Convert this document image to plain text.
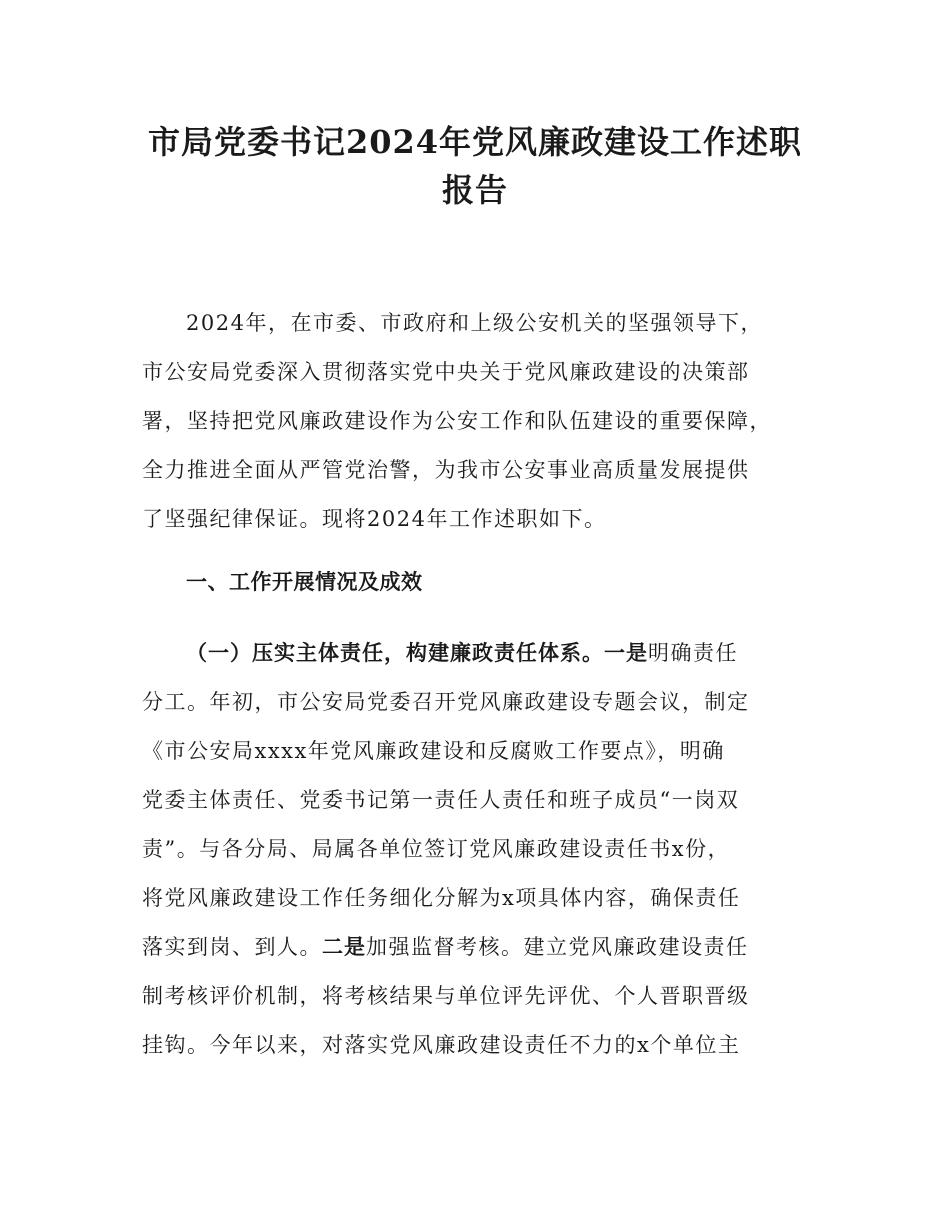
市局党委书记2024年党风廉政建设工作述职
报告
2024年，在市委、市政府和上级公安机关的坚强领导下，
市公安局党委深入贯彻落实党中央关于党风廉政建设的决策部
署，坚持把党风廉政建设作为公安工作和队伍建设的重要保障，
全力推进全面从严管党治警，为我市公安事业高质量发展提供
了坚强纪律保证。现将2024年工作述职如下。
一、工作开展情况及成效
（一）压实主体责任，构建廉政责任体系。一是明确责任
分工。年初，市公安局党委召开党风廉政建设专题会议，制定
《市公安局xxxx年党风廉政建设和反腐败工作要点》，明确
党委主体责任、党委书记第一责任人责任和班子成员“一岗双
责”。与各分局、局属各单位签订党风廉政建设责任书x份，
将党风廉政建设工作任务细化分解为x项具体内容，确保责任
落实到岗、到人。二是加强监督考核。建立党风廉政建设责任
制考核评价机制，将考核结果与单位评先评优、个人晋职晋级
挂钩。今年以来，对落实党风廉政建设责任不力的x个单位主
